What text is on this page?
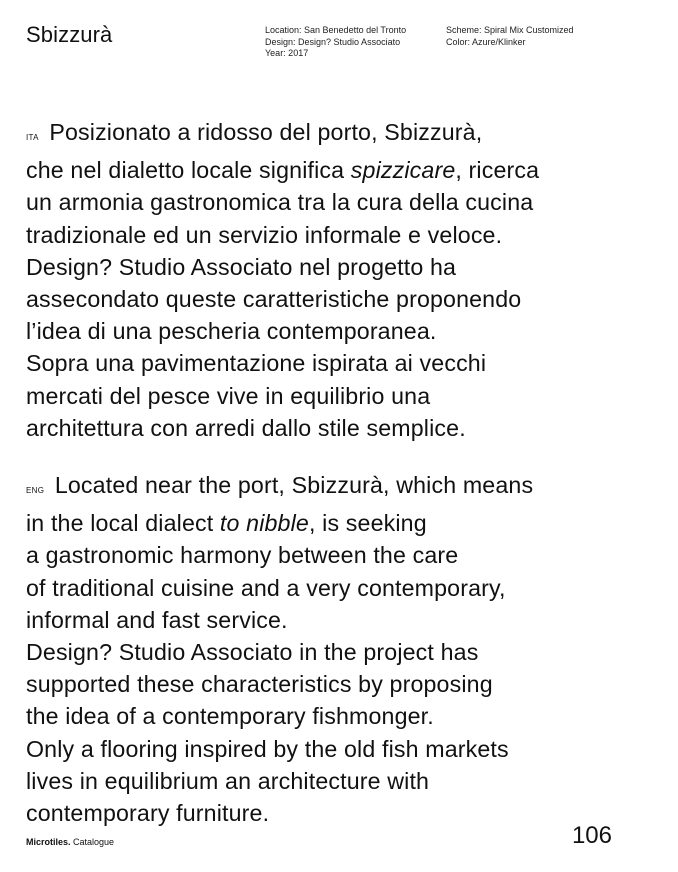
Sbizzurà	Location: San Benedetto del Tronto
Design: Design? Studio Associato
Year: 2017
Scheme: Spiral Mix Customized
Color: Azure/Klinker
ITA Posizionato a ridosso del porto, Sbizzurà,
che nel dialetto locale significa spizzicare, ricerca
un armonia gastronomica tra la cura della cucina
tradizionale ed un servizio informale e veloce.
Design? Studio Associato nel progetto ha
assecondato queste caratteristiche proponendo
l’idea di una pescheria contemporanea.
Sopra una pavimentazione ispirata ai vecchi
mercati del pesce vive in equilibrio una
architettura con arredi dallo stile semplice.
ENG Located near the port, Sbizzurà, which means
in the local dialect to nibble, is seeking
a gastronomic harmony between the care
of traditional cuisine and a very contemporary,
informal and fast service.
Design? Studio Associato in the project has
supported these characteristics by proposing
the idea of a contemporary fishmonger.
Only a flooring inspired by the old fish markets
lives in equilibrium an architecture with
contemporary furniture.
Microtiles. Catalogue	106
